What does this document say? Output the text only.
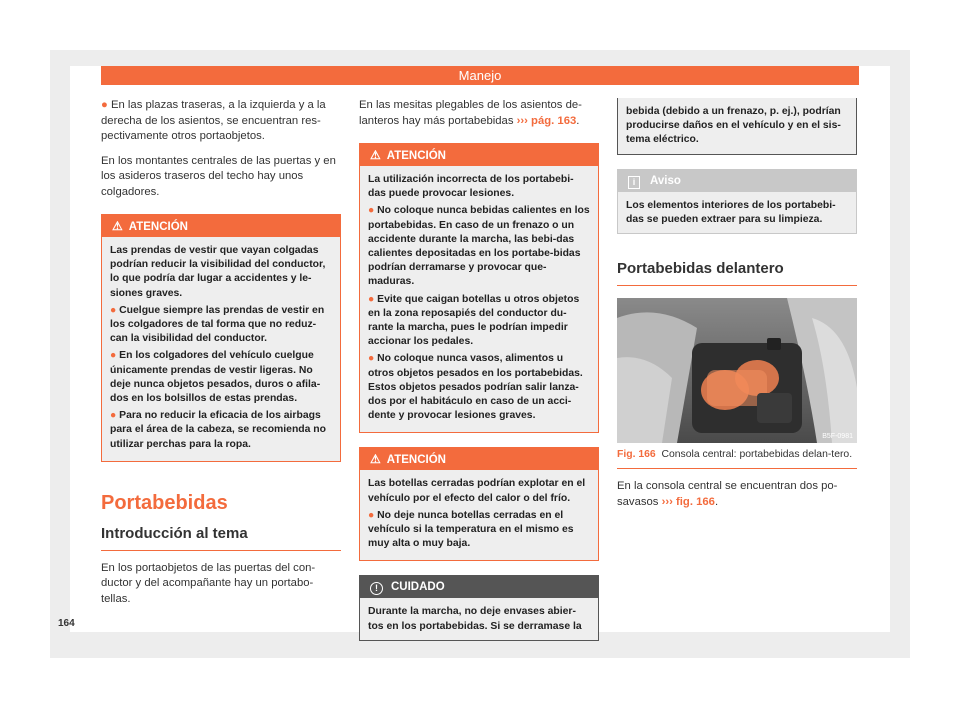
Manejo

● En las plazas traseras, a la izquierda y a la derecha de los asientos, se encuentran res-pectivamente otros portaobjetos.

En los montantes centrales de las puertas y en los asideros traseros del techo hay unos colgadores.

⚠ ATENCIÓN

Las prendas de vestir que vayan colgadas podrían reducir la visibilidad del conductor, lo que podría dar lugar a accidentes y le-siones graves.

● Cuelgue siempre las prendas de vestir en los colgadores de tal forma que no reduz-can la visibilidad del conductor.

● En los colgadores del vehículo cuelgue únicamente prendas de vestir ligeras. No deje nunca objetos pesados, duros o afila-dos en los bolsillos de estas prendas.

● Para no reducir la eficacia de los airbags para el área de la cabeza, se recomienda no utilizar perchas para la ropa.

Portabebidas
Introducción al tema

En los portaobjetos de las puertas del con-ductor y del acompañante hay un portabo-tellas.

En las mesitas plegables de los asientos de-lanteros hay más portabebidas ››› pág. 163.

⚠ ATENCIÓN

La utilización incorrecta de los portabebi-das puede provocar lesiones.

● No coloque nunca bebidas calientes en los portabebidas. En caso de un frenazo o un accidente durante la marcha, las bebi-das calientes depositadas en los portabe-bidas podrían derramarse y provocar que-maduras.

● Evite que caigan botellas u otros objetos en la zona reposapiés del conductor du-rante la marcha, pues le podrían impedir accionar los pedales.

● No coloque nunca vasos, alimentos u otros objetos pesados en los portabebidas. Estos objetos pesados podrían salir lanza-dos por el habitáculo en caso de un acci-dente y provocar lesiones graves.

⚠ ATENCIÓN

Las botellas cerradas podrían explotar en el vehículo por el efecto del calor o del frío.

● No deje nunca botellas cerradas en el vehículo si la temperatura en el mismo es muy alta o muy baja.

! CUIDADO

Durante la marcha, no deje envases abier-tos en los portabebidas. Si se derramase la

bebida (debido a un frenazo, p. ej.), podrían producirse daños en el vehículo y en el sis-tema eléctrico.

i Aviso

Los elementos interiores de los portabebi-das se pueden extraer para su limpieza.

Portabebidas delantero
B5F-0981

Fig. 166 Consola central: portabebidas delan-tero.

En la consola central se encuentran dos po-savasos ››› fig. 166.

164
